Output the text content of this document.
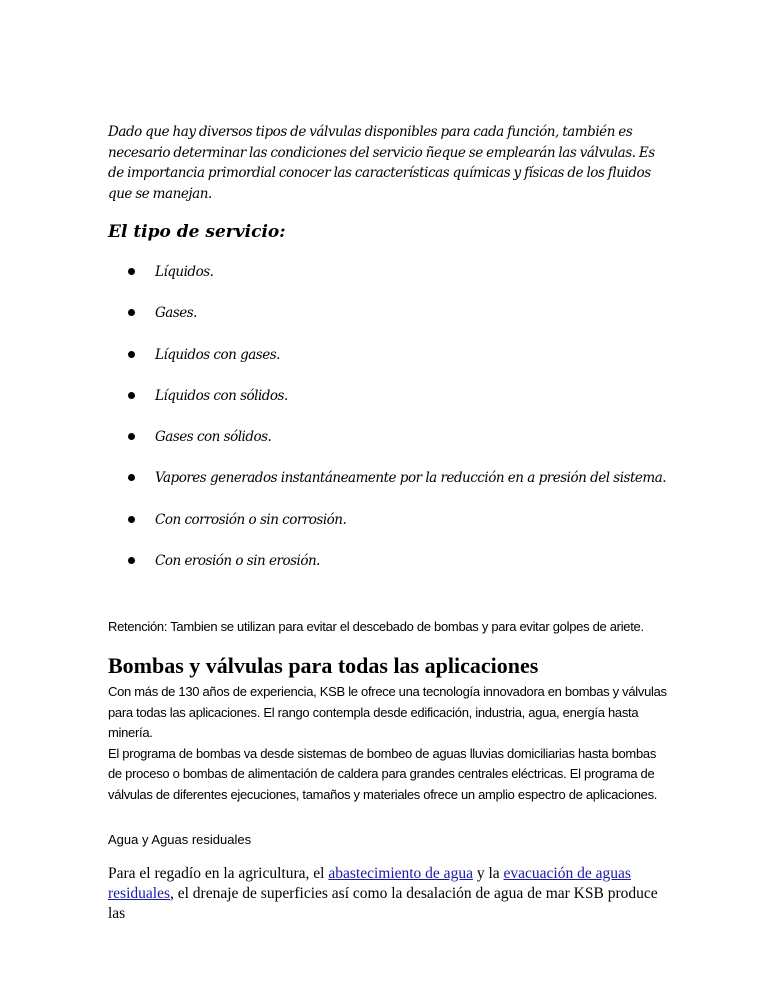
Dado que hay diversos tipos de válvulas disponibles para cada función, también es necesario determinar las condiciones del servicio ñeque se emplearán las válvulas. Es de importancia primordial conocer las características químicas y físicas de los fluidos que se manejan.

El tipo de servicio:
Líquidos.
Gases.
Líquidos con gases.
Líquidos con sólidos.
Gases con sólidos.
Vapores generados instantáneamente por la reducción en a presión del sistema.
Con corrosión o sin corrosión.
Con erosión o sin erosión.

Retención: Tambien se utilizan para evitar el descebado de bombas y para evitar golpes de ariete.

Bombas y válvulas para todas las aplicaciones

Con más de 130 años de experiencia, KSB le ofrece una tecnología innovadora en bombas y válvulas para todas las aplicaciones. El rango contempla desde edificación, industria, agua, energía hasta minería.

El programa de bombas va desde sistemas de bombeo de aguas lluvias domiciliarias hasta bombas de proceso o bombas de alimentación de caldera para grandes centrales eléctricas. El programa de válvulas de diferentes ejecuciones, tamaños y materiales ofrece un amplio espectro de aplicaciones.

Agua y Aguas residuales

Para el regadío en la agricultura, el abastecimiento de agua y la evacuación de aguas residuales, el drenaje de superficies así como la desalación de agua de mar KSB produce las
